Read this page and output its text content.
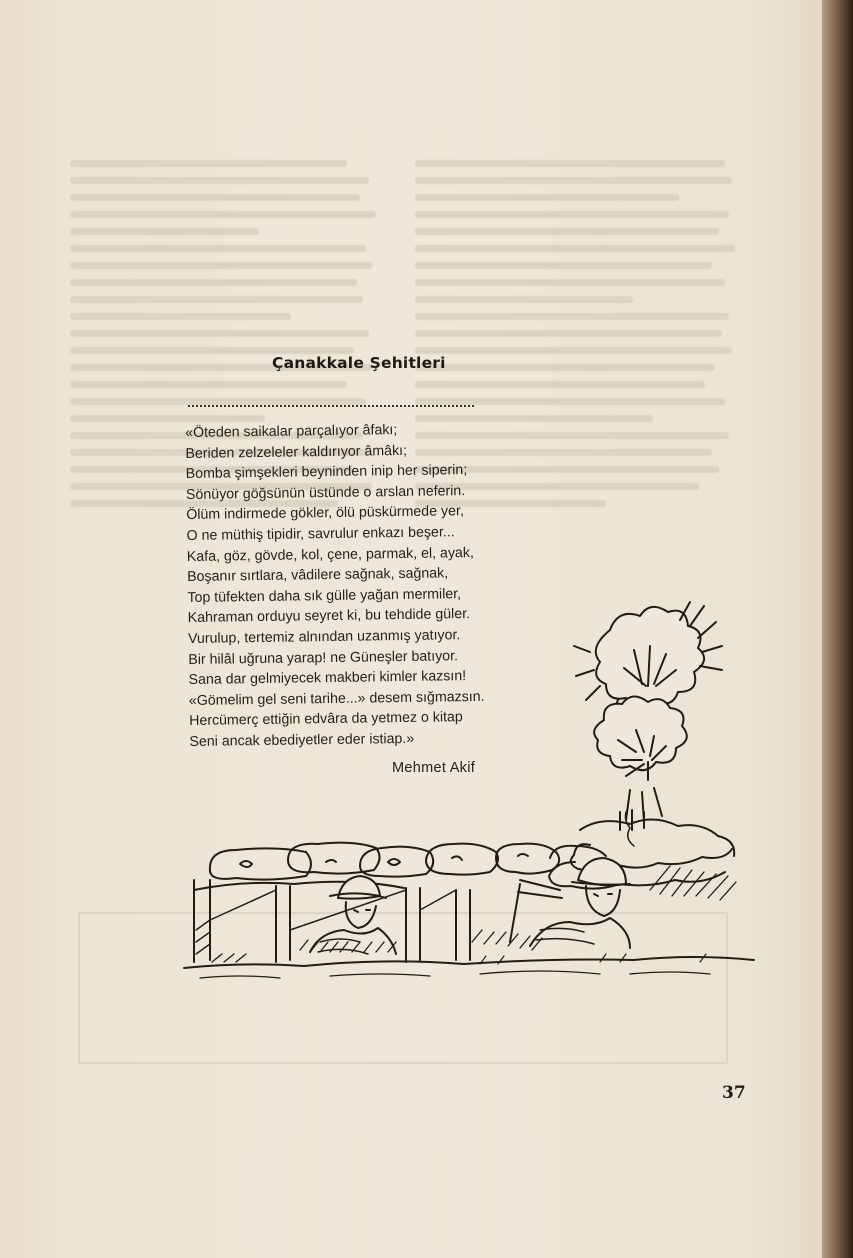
Çanakkale Şehitleri
«Öteden saikalar parçalıyor âfakı;
Beriden zelzeleler kaldırıyor âmâkı;
Bomba şimşekleri beyninden inip her siperin;
Sönüyor göğsünün üstünde o arslan neferin.
Ölüm indirmede gökler, ölü püskürmede yer,
O ne müthiş tipidir, savrulur enkazı beşer...
Kafa, göz, gövde, kol, çene, parmak, el, ayak,
Boşanır sırtlara, vâdilere sağnak, sağnak,
Top tüfekten daha sık gülle yağan mermiler,
Kahraman orduyu seyret ki, bu tehdide güler.
Vurulup, tertemiz alnından uzanmış yatıyor.
Bir hilâl uğruna yarap! ne Güneşler batıyor.
Sana dar gelmiyecek makberi kimler kazsın!
«Gömelim gel seni tarihe...» desem sığmazsın.
Hercümerç ettiğin edvâra da yetmez o kitap
Seni ancak ebediyetler eder istiap.»
Mehmet Akif
37
